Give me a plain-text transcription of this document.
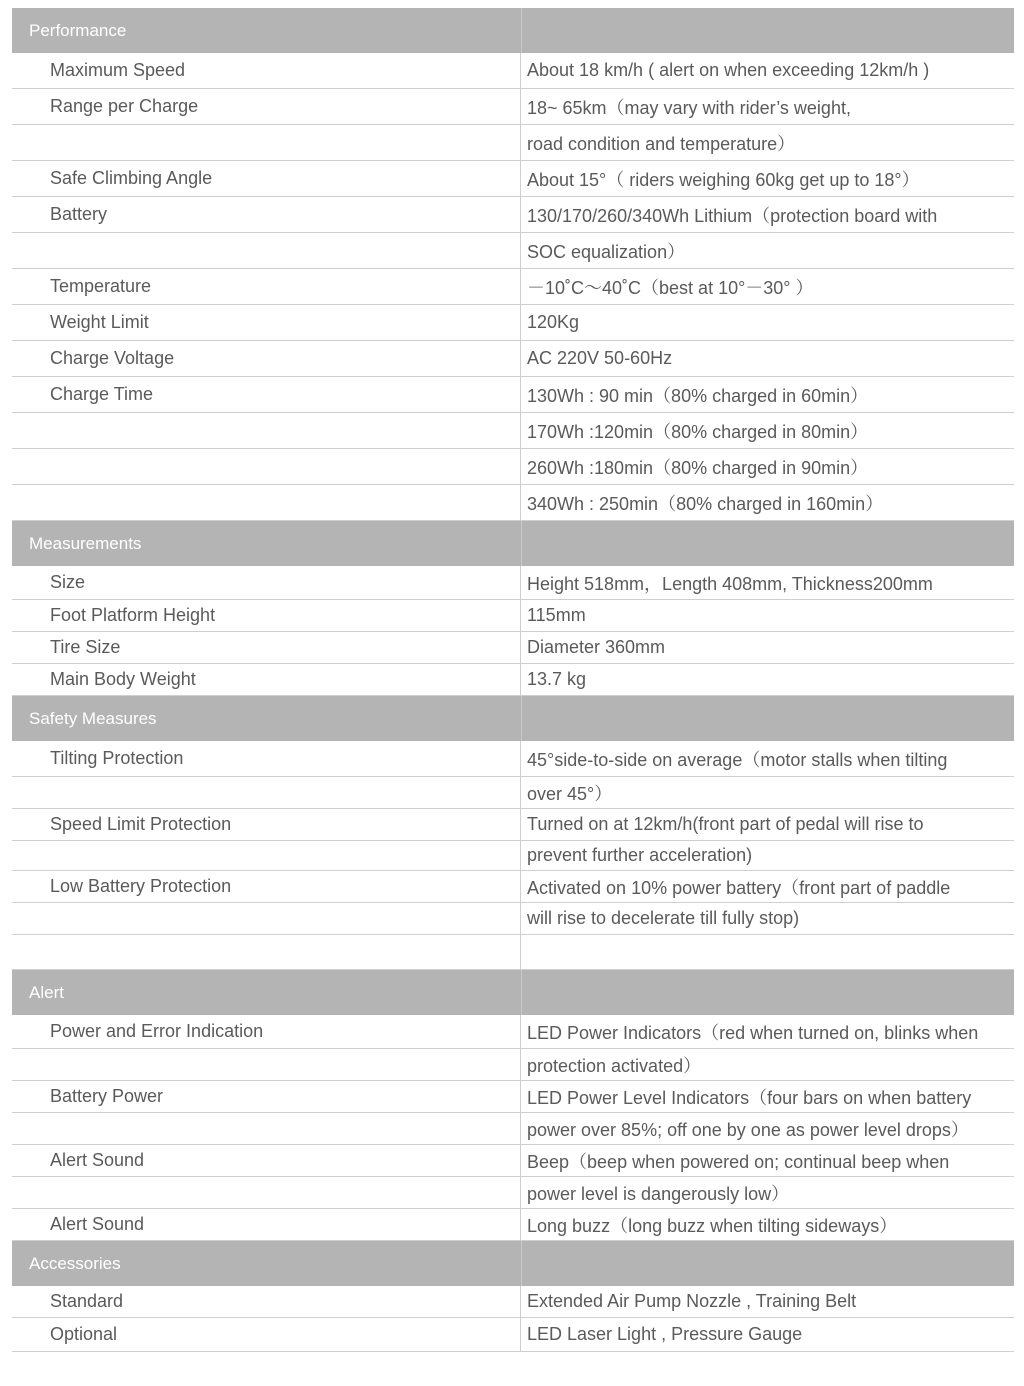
Performance
Maximum Speed	About 18 km/h ( alert on when exceeding 12km/h )
Range per Charge	18~ 65km（may vary with rider’s weight,
road condition and temperature）
Safe Climbing Angle	About 15°（ riders weighing 60kg get up to 18°）
Battery	130/170/260/340Wh Lithium（protection board with
SOC equalization）
Temperature	－10˚C～40˚C（best at 10°－30° ）
Weight Limit	120Kg
Charge Voltage	AC 220V 50-60Hz
Charge Time	130Wh : 90 min（80% charged in 60min）
170Wh :120min（80% charged in 80min）
260Wh :180min（80% charged in 90min）
340Wh : 250min（80% charged in 160min）
Measurements
Size	Height 518mm，Length 408mm, Thickness200mm
Foot Platform Height	115mm
Tire Size	Diameter 360mm
Main Body Weight	13.7 kg
Safety Measures
Tilting Protection	45°side-to-side on average（motor stalls when tilting
over 45°）
Speed Limit Protection	Turned on at 12km/h(front part of pedal will rise to
prevent further acceleration)
Low Battery Protection	Activated on 10% power battery（front part of paddle
will rise to decelerate till fully stop)
Alert
Power and Error Indication	LED Power Indicators（red when turned on, blinks when
protection activated）
Battery Power	LED Power Level Indicators（four bars on when battery
power over 85%; off one by one as power level drops）
Alert Sound	Beep（beep when powered on; continual beep when
power level is dangerously low）
Alert Sound	Long buzz（long buzz when tilting sideways）
Accessories
Standard	Extended Air Pump Nozzle , Training Belt
Optional	LED Laser Light , Pressure Gauge
